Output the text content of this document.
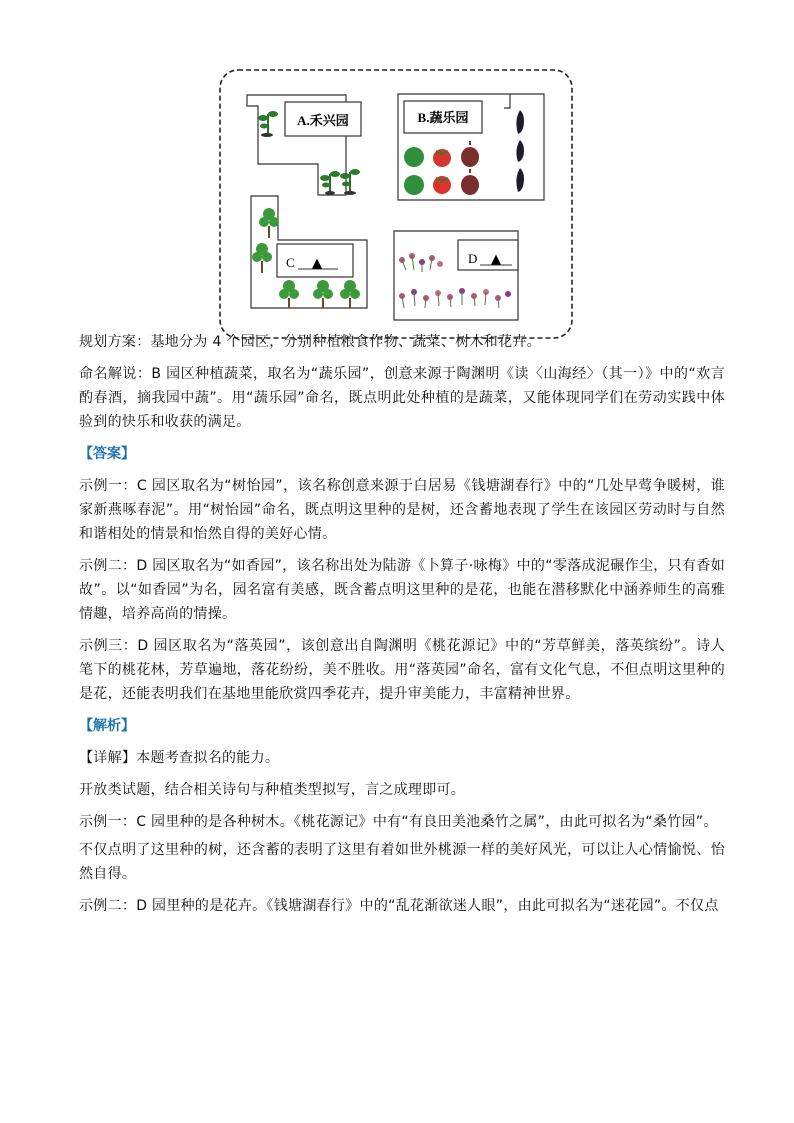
A.禾兴园	B.蔬乐园
C ▲	D ▲

规划方案：基地分为 4 个园区，分别种植粮食作物、蔬菜、树木和花卉。

命名解说：B 园区种植蔬菜，取名为“蔬乐园”，创意来源于陶渊明《读〈山海经〉（其一）》中的“欢言酌春酒，摘我园中蔬”。用“蔬乐园”命名，既点明此处种植的是蔬菜，又能体现同学们在劳动实践中体验到的快乐和收获的满足。

【答案】

示例一：C 园区取名为“树怡园”，该名称创意来源于白居易《钱塘湖春行》中的“几处早莺争暖树，谁家新燕啄春泥”。用“树怡园”命名，既点明这里种的是树，还含蓄地表现了学生在该园区劳动时与自然和谐相处的情景和怡然自得的美好心情。

示例二：D 园区取名为“如香园”，该名称出处为陆游《卜算子·咏梅》中的“零落成泥碾作尘，只有香如故”。以“如香园”为名，园名富有美感，既含蓄点明这里种的是花，也能在潜移默化中涵养师生的高雅情趣，培养高尚的情操。

示例三：D 园区取名为“落英园”，该创意出自陶渊明《桃花源记》中的“芳草鲜美，落英缤纷”。诗人笔下的桃花林，芳草遍地，落花纷纷，美不胜收。用“落英园”命名，富有文化气息，不但点明这里种的是花，还能表明我们在基地里能欣赏四季花卉，提升审美能力，丰富精神世界。

【解析】

【详解】本题考查拟名的能力。

开放类试题，结合相关诗句与种植类型拟写，言之成理即可。

示例一：C 园里种的是各种树木。《桃花源记》中有“有良田美池桑竹之属”，由此可拟名为“桑竹园”。

不仅点明了这里种的树，还含蓄的表明了这里有着如世外桃源一样的美好风光，可以让人心情愉悦、怡然自得。

示例二：D 园里种的是花卉。《钱塘湖春行》中的“乱花渐欲迷人眼”，由此可拟名为“迷花园”。不仅点
